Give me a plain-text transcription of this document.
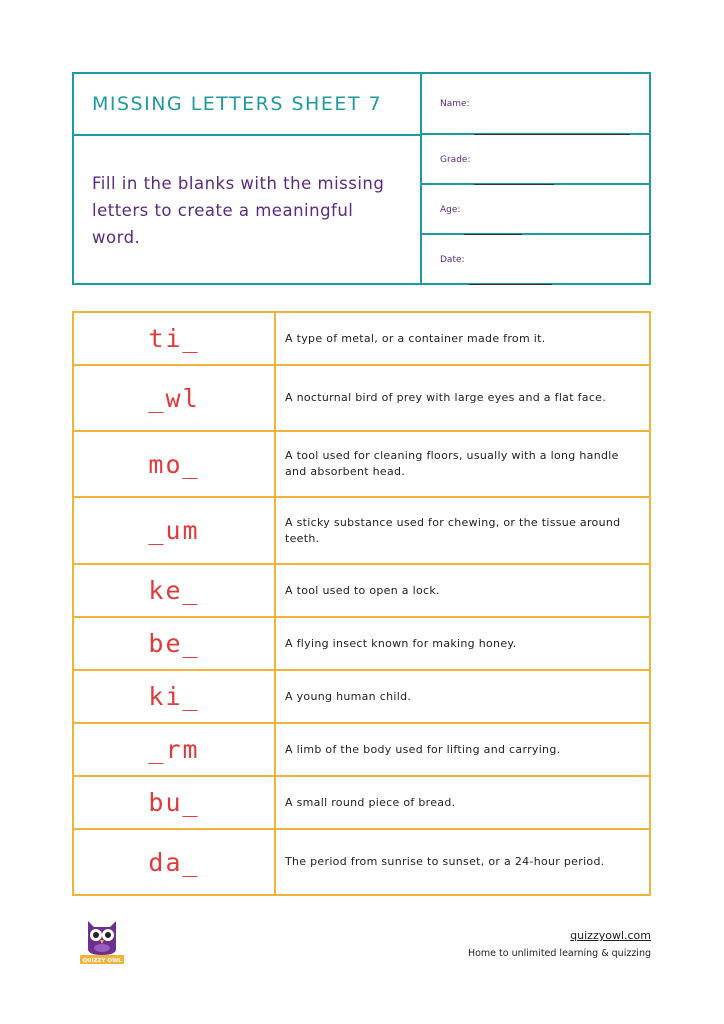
MISSING LETTERS SHEET 7
Fill in the blanks with the missing letters to create a meaningful word.
Name:
Grade:
Age:
Date:
ti_	A type of metal, or a container made from it.
_wl	A nocturnal bird of prey with large eyes and a flat face.
mo_	A tool used for cleaning floors, usually with a long handle and absorbent head.
_um	A sticky substance used for chewing, or the tissue around teeth.
ke_	A tool used to open a lock.
be_	A flying insect known for making honey.
ki_	A young human child.
_rm	A limb of the body used for lifting and carrying.
bu_	A small round piece of bread.
da_	The period from sunrise to sunset, or a 24-hour period.
QUIZZY OWL
quizzyowl.com
Home to unlimited learning & quizzing
